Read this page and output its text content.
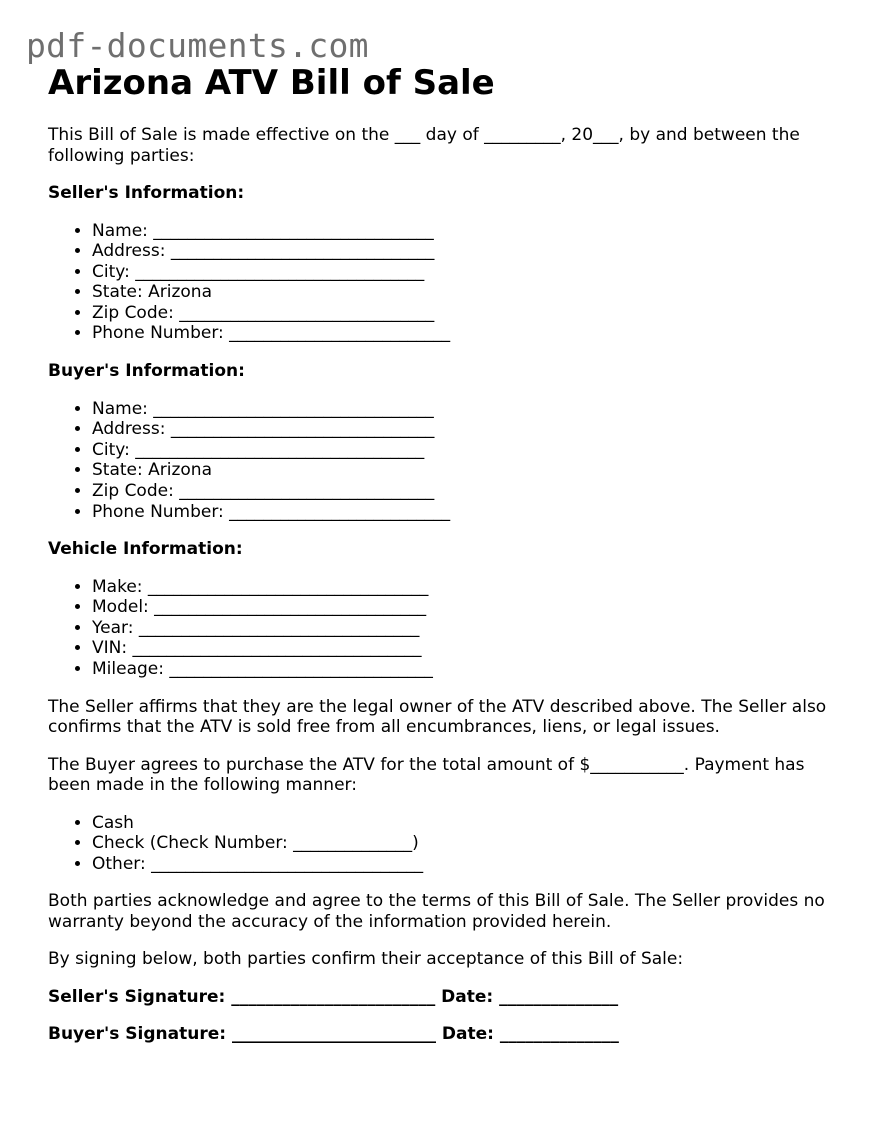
pdf-documents.com
Arizona ATV Bill of Sale

This Bill of Sale is made effective on the ___ day of _________, 20___, by and between the following parties:

Seller's Information:

• Name: _________________________________
• Address: _______________________________
• City: __________________________________
• State: Arizona
• Zip Code: ______________________________
• Phone Number: __________________________

Buyer's Information:

• Name: _________________________________
• Address: _______________________________
• City: __________________________________
• State: Arizona
• Zip Code: ______________________________
• Phone Number: __________________________

Vehicle Information:

• Make: _________________________________
• Model: ________________________________
• Year: _________________________________
• VIN: __________________________________
• Mileage: _______________________________

The Seller affirms that they are the legal owner of the ATV described above. The Seller also confirms that the ATV is sold free from all encumbrances, liens, or legal issues.

The Buyer agrees to purchase the ATV for the total amount of $___________. Payment has been made in the following manner:

• Cash
• Check (Check Number: ______________)
• Other: ________________________________

Both parties acknowledge and agree to the terms of this Bill of Sale. The Seller provides no warranty beyond the accuracy of the information provided herein.

By signing below, both parties confirm their acceptance of this Bill of Sale:

Seller's Signature: ________________________ Date: ______________

Buyer's Signature: ________________________ Date: ______________
